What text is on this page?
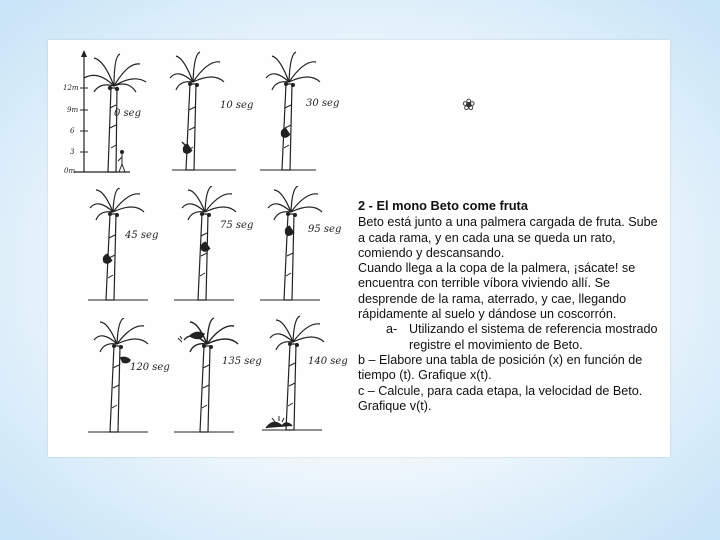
12m
9m
6
3
0m
0 seg
10 seg	30 seg	❀
45 seg
75 seg	95 seg
120 seg
135 seg	140 seg
2 - El mono Beto come fruta

Beto está junto a una palmera cargada de fruta. Sube a cada rama, y en cada una se queda un rato, comiendo y descansando.

Cuando llega a la copa de la palmera, ¡sácate! se encuentra con terrible víbora viviendo allí. Se desprende de la rama, aterrado, y cae, llegando rápidamente al suelo y dándose un coscorrón.

a- Utilizando el sistema de referencia mostrado registre el movimiento de Beto.

b – Elabore una tabla de posición (x) en función de tiempo (t). Grafique x(t).

c – Calcule, para cada etapa, la velocidad de Beto. Grafique v(t).
